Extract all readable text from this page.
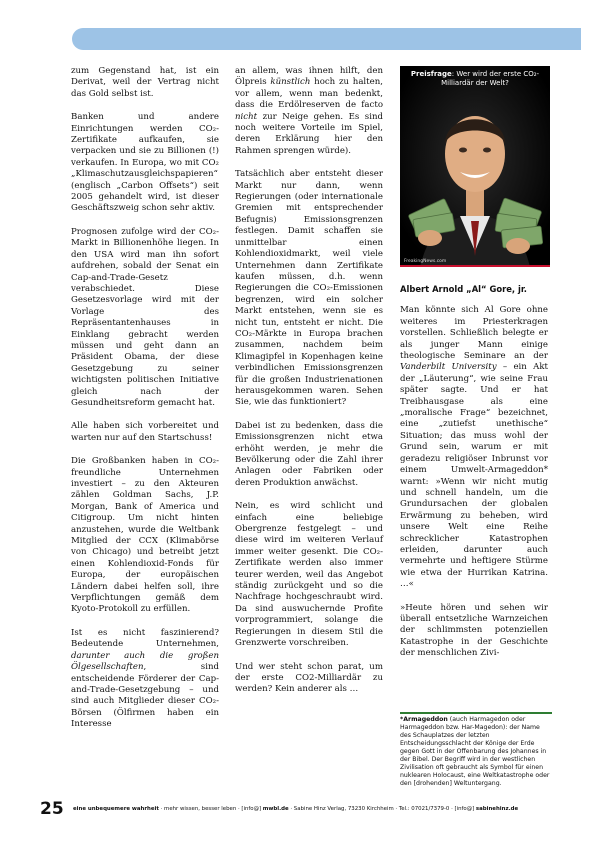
zum Gegenstand hat, ist ein Derivat, weil der Vertrag nicht das Gold selbst ist.

Banken und andere Einrichtungen werden CO₂-Zertifikate aufkaufen, sie verpacken und sie zu Billionen (!) verkaufen. In Europa, wo mit CO₂ „Klimaschutzausgleichspapieren“ (englisch „Carbon Offsets“) seit 2005 gehandelt wird, ist dieser Geschäftszweig schon sehr aktiv.

Prognosen zufolge wird der CO₂-Markt in Billionenhöhe liegen. In den USA wird man ihn sofort aufdrehen, sobald der Senat ein Cap-and-Trade-Gesetz verabschiedet. Diese Gesetzesvorlage wird mit der Vorlage des Repräsentantenhauses in Einklang gebracht werden müssen und geht dann an Präsident Obama, der diese Gesetzgebung zu seiner wichtigsten politischen Initiative gleich nach der Gesundheitsreform gemacht hat.

Alle haben sich vorbereitet und warten nur auf den Startschuss!

Die Großbanken haben in CO₂-freundliche Unternehmen investiert – zu den Akteuren zählen Goldman Sachs, J.P. Morgan, Bank of America und Citigroup. Um nicht hinten anzustehen, wurde die Weltbank Mitglied der CCX (Klimabörse von Chicago) und betreibt jetzt einen Kohlendioxid-Fonds für Europa, der europäischen Ländern dabei helfen soll, ihre Verpflichtungen gemäß dem Kyoto-Protokoll zu erfüllen.

Ist es nicht faszinierend? Bedeutende Unternehmen, darunter auch die großen Ölgesellschaften, sind entscheidende Förderer der Cap-and-Trade-Gesetzgebung – und sind auch Mitglieder dieser CO₂-Börsen (Ölfirmen haben ein Interesse

an allem, was ihnen hilft, den Ölpreis künstlich hoch zu halten, vor allem, wenn man bedenkt, dass die Erdölreserven de facto nicht zur Neige gehen. Es sind noch weitere Vorteile im Spiel, deren Erklärung hier den Rahmen sprengen würde).

Tatsächlich aber entsteht dieser Markt nur dann, wenn Regierungen (oder internationale Gremien mit entsprechender Befugnis) Emissionsgrenzen festlegen. Damit schaffen sie unmittelbar einen Kohlendioxidmarkt, weil viele Unternehmen dann Zertifikate kaufen müssen, d.h. wenn Regierungen die CO₂-Emissionen begrenzen, wird ein solcher Markt entstehen, wenn sie es nicht tun, entsteht er nicht. Die CO₂-Märkte in Europa brachen zusammen, nachdem beim Klimagipfel in Kopenhagen keine verbindlichen Emissionsgrenzen für die großen Industrienationen herausgekommen waren. Sehen Sie, wie das funktioniert?

Dabei ist zu bedenken, dass die Emissionsgrenzen nicht etwa erhöht werden, je mehr die Bevölkerung oder die Zahl ihrer Anlagen oder Fabriken oder deren Produktion anwächst.

Nein, es wird schlicht und einfach eine beliebige Obergrenze festgelegt – und diese wird im weiteren Verlauf immer weiter gesenkt. Die CO₂-Zertifikate werden also immer teurer werden, weil das Angebot ständig zurückgeht und so die Nachfrage hochgeschraubt wird. Da sind auswuchernde Profite vorprogrammiert, solange die Regierungen in diesem Stil die Grenzwerte vorschreiben.

Und wer steht schon parat, um der erste CO2-Milliardär zu werden? Kein anderer als …

Preisfrage: Wer wird der erste CO₂-Milliardär der Welt?
FreakingNews.com
Albert Arnold „Al“ Gore, jr.

Man könnte sich Al Gore ohne weiteres im Priesterkragen vorstellen. Schließlich belegte er als junger Mann einige theologische Seminare an der Vanderbilt University – ein Akt der „Läuterung“, wie seine Frau später sagte. Und er hat Treibhausgase als eine „moralische Frage“ bezeichnet, eine „zutiefst unethische“ Situation; das muss wohl der Grund sein, warum er mit geradezu religiöser Inbrunst vor einem Umwelt-Armageddon* warnt: »Wenn wir nicht mutig und schnell handeln, um die Grundursachen der globalen Erwärmung zu beheben, wird unsere Welt eine Reihe schrecklicher Katastrophen erleiden, darunter auch vermehrte und heftigere Stürme wie etwa der Hurrikan Katrina. …«

»Heute hören und sehen wir überall entsetzliche Warnzeichen der schlimmsten potenziellen Katastrophe in der Geschichte der menschlichen Zivi-

*Armageddon (auch Harmagedon oder Harmageddon bzw. Har-Magedon): der Name des Schauplatzes der letzten Entscheidungsschlacht der Könige der Erde gegen Gott in der Offenbarung des Johannes in der Bibel. Der Begriff wird in der westlichen Zivilisation oft gebraucht als Symbol für einen nuklearen Holocaust, eine Weltkatastrophe oder den [drohenden] Weltuntergang.
25 eine unbequemere wahrheit · mehr wissen, besser leben · [info@] mwbl.de · Sabine Hinz Verlag, 73230 Kirchheim · Tel.: 07021/7379-0 · [info@] sabinehinz.de
